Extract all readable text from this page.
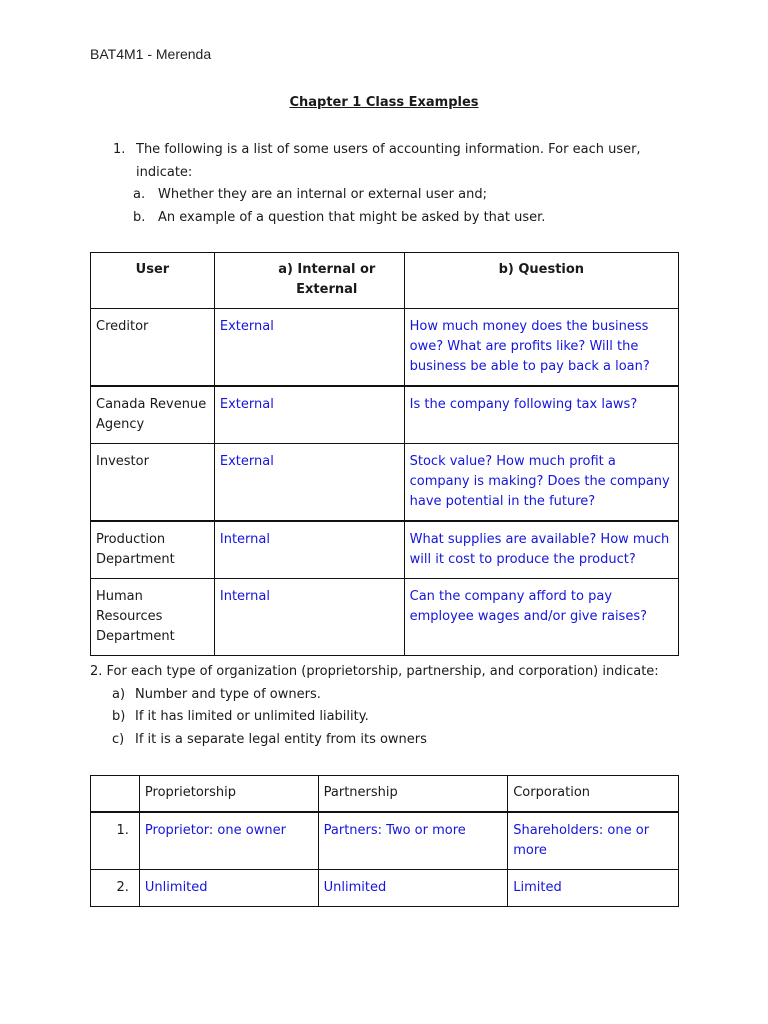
BAT4M1 - Merenda
Chapter 1 Class Examples
1. The following is a list of some users of accounting information. For each user, indicate:
a. Whether they are an internal or external user and;
b. An example of a question that might be asked by that user.
User	a) Internal or External	b) Question
Creditor	External	How much money does the business owe? What are profits like? Will the business be able to pay back a loan?
Canada Revenue Agency	External	Is the company following tax laws?
Investor	External	Stock value? How much profit a company is making? Does the company have potential in the future?
Production Department	Internal	What supplies are available? How much will it cost to produce the product?
Human Resources Department	Internal	Can the company afford to pay employee wages and/or give raises?
2. For each type of organization (proprietorship, partnership, and corporation) indicate:
a) Number and type of owners.
b) If it has limited or unlimited liability.
c) If it is a separate legal entity from its owners
	Proprietorship	Partnership	Corporation
1.	Proprietor: one owner	Partners: Two or more	Shareholders: one or more
2.	Unlimited	Unlimited	Limited
